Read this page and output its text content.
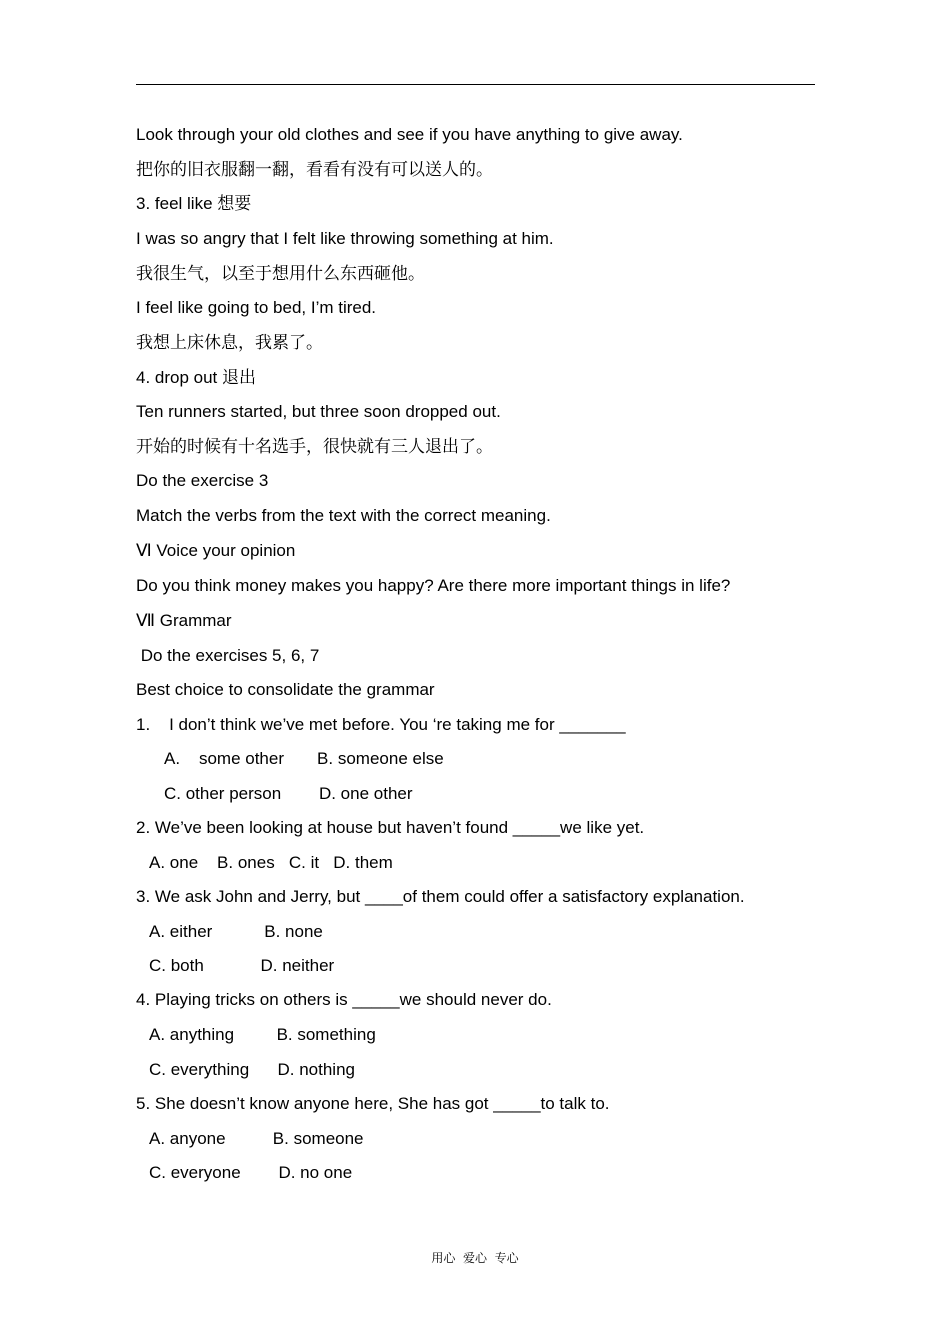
Look through your old clothes and see if you have anything to give away.
把你的旧衣服翻一翻，看看有没有可以送人的。
3. feel like 想要
I was so angry that I felt like throwing something at him.
我很生气，以至于想用什么东西砸他。
I feel like going to bed, I’m tired.
我想上床休息，我累了。
4. drop out 退出
Ten runners started, but three soon dropped out.
开始的时候有十名选手，很快就有三人退出了。
Do the exercise 3
Match the verbs from the text with the correct meaning.
Ⅵ Voice your opinion
Do you think money makes you happy? Are there more important things in life?
Ⅶ Grammar
Do the exercises 5, 6, 7
Best choice to consolidate the grammar
1.    I don’t think we’ve met before. You ‘re taking me for _______
A.    some other       B. someone else
C. other person        D. one other
2. We’ve been looking at house but haven’t found _____we like yet.
A. one    B. ones   C. it   D. them
3. We ask John and Jerry, but ____of them could offer a satisfactory explanation.
A. either           B. none
C. both            D. neither
4. Playing tricks on others is _____we should never do.
A. anything         B. something
C. everything      D. nothing
5. She doesn’t know anyone here, She has got _____to talk to.
A. anyone          B. someone
C. everyone        D. no one
用心  爱心  专心
